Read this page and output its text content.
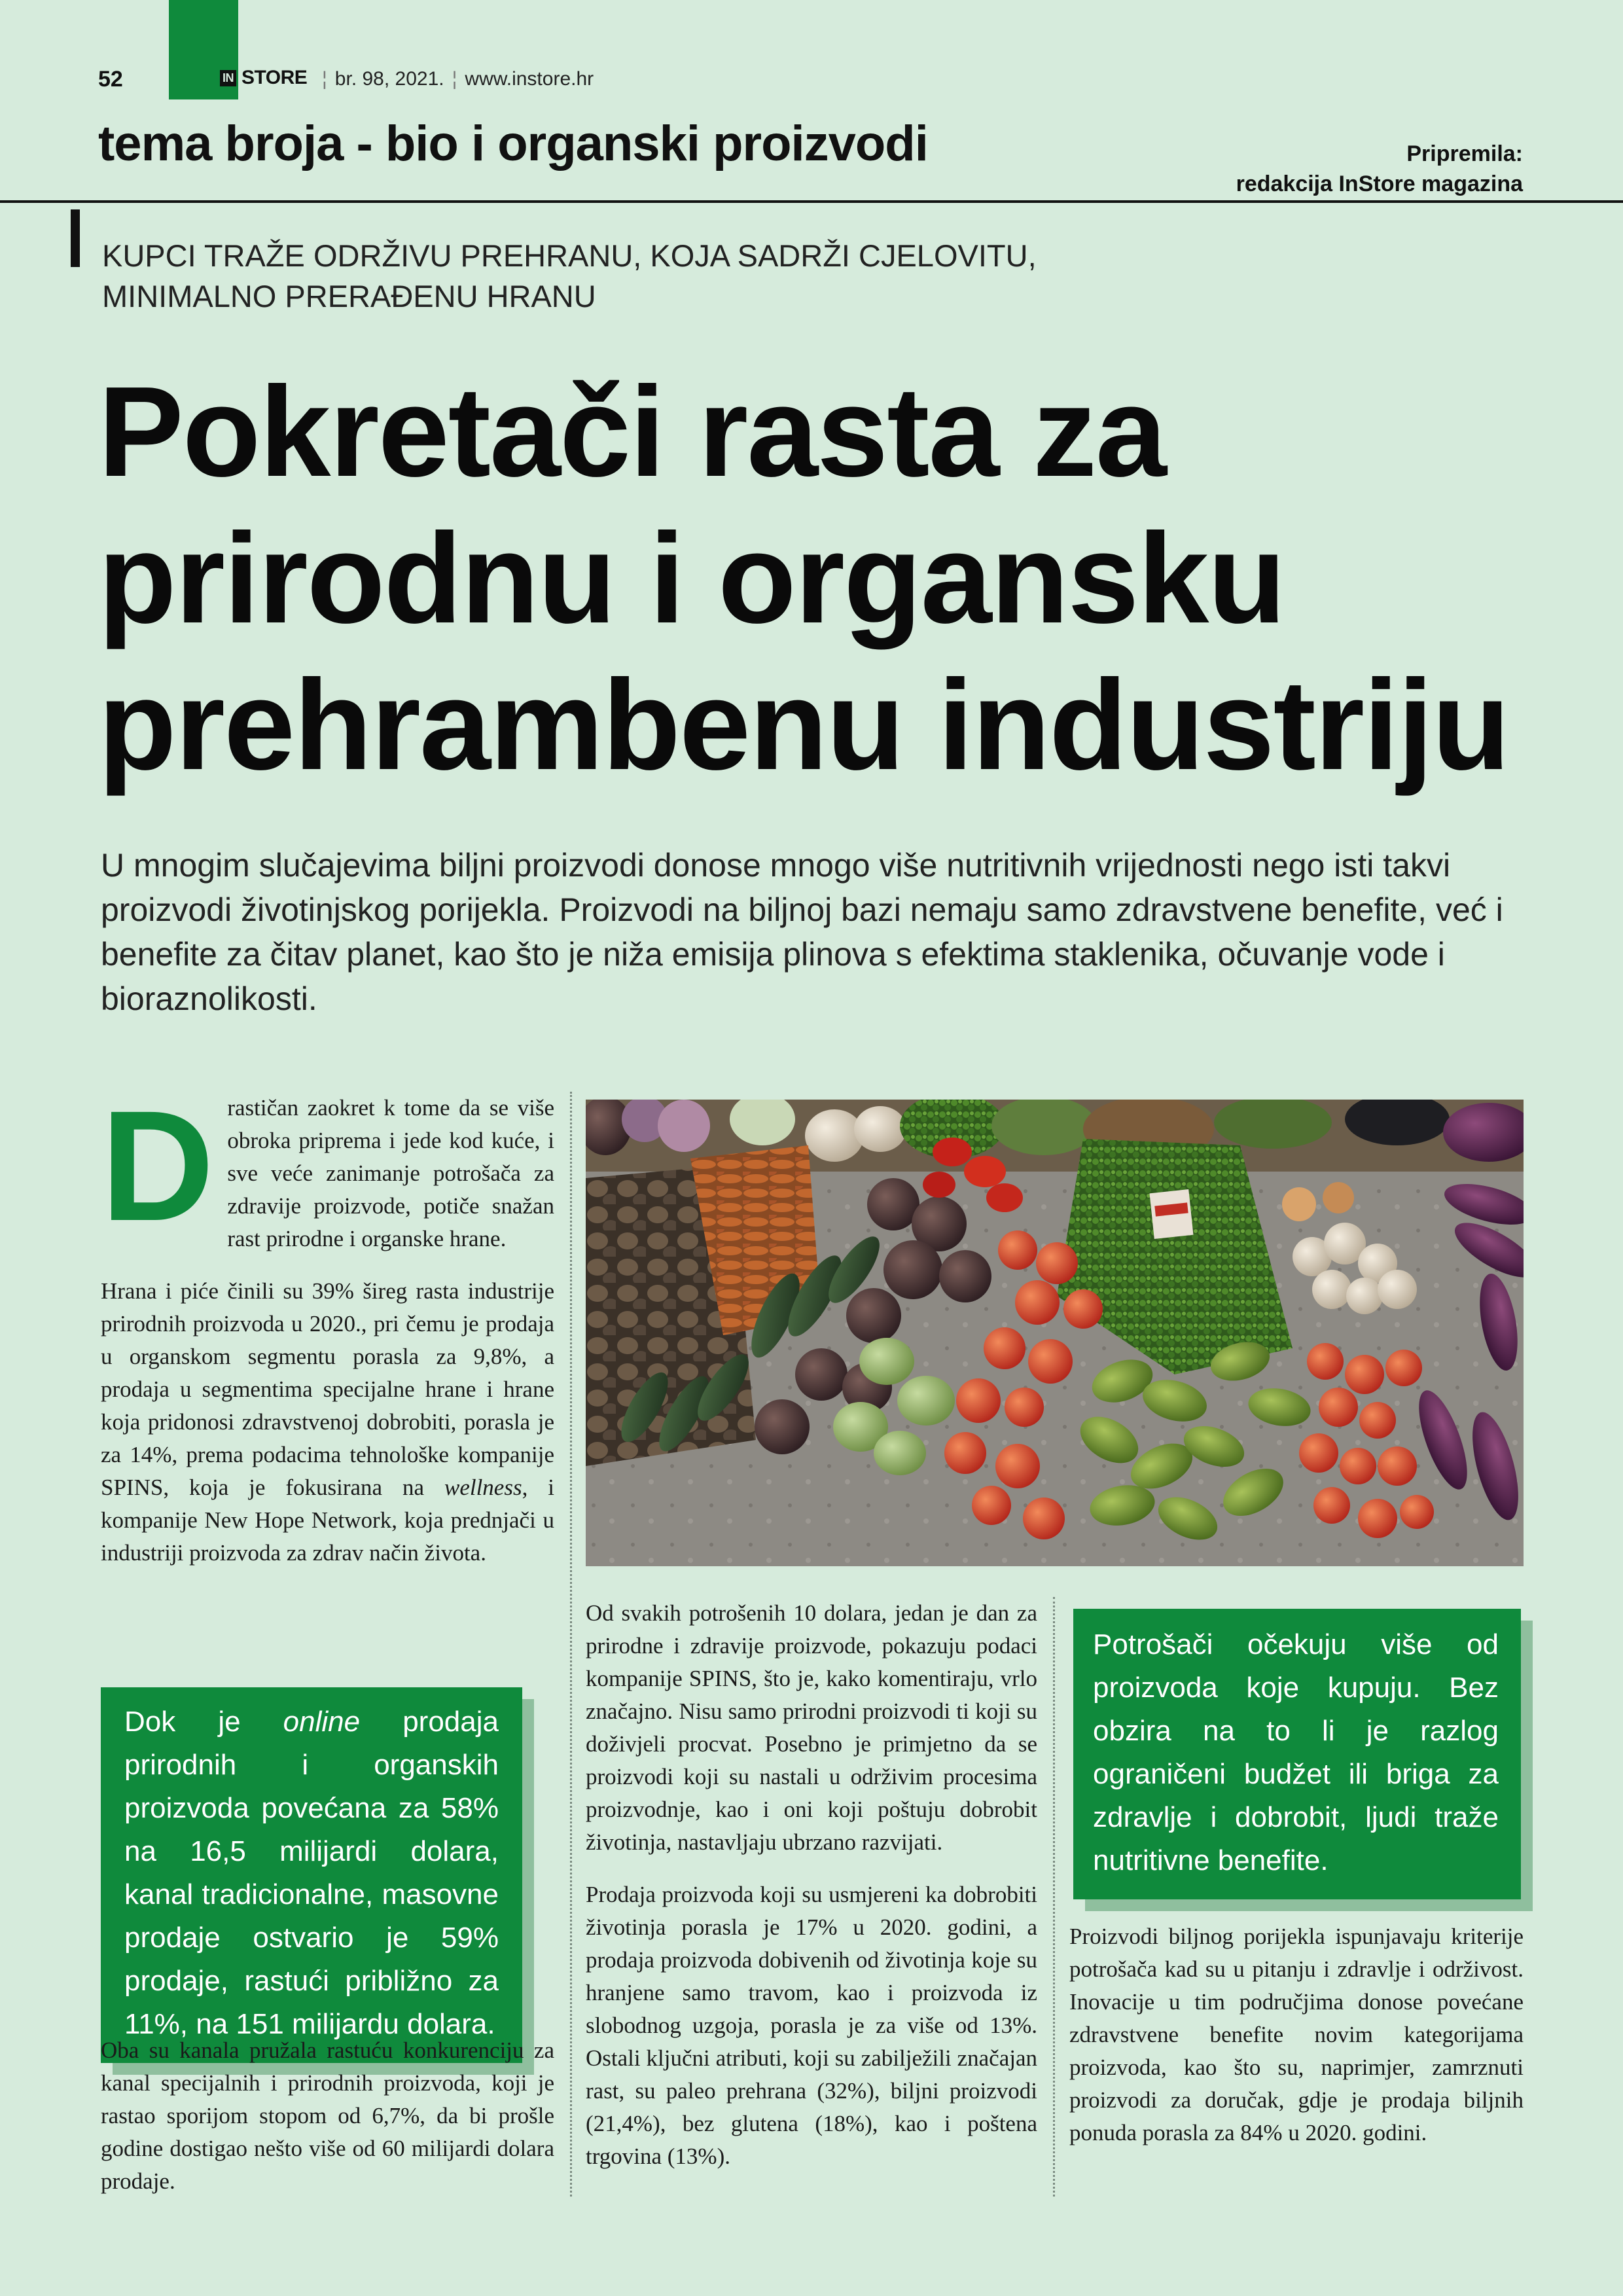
52	IN STORE ¦ br. 98, 2021. ¦ www.instore.hr
tema broja - bio i organski proizvodi	Pripremila:
redakcija InStore magazina
KUPCI TRAŽE ODRŽIVU PREHRANU, KOJA SADRŽI CJELOVITU,
MINIMALNO PRERAĐENU HRANU
Pokretači rasta za
prirodnu i organsku
prehrambenu industriju
U mnogim slučajevima biljni proizvodi donose mnogo više nutritivnih vrijednosti nego isti takvi proizvodi životinjskog porijekla. Proizvodi na biljnoj bazi nemaju samo zdravstvene benefite, već i benefite za čitav planet, kao što je niža emisija plinova s efektima staklenika, očuvanje vode i bioraznolikosti.

Drastičan zaokret k tome da se više obroka priprema i jede kod kuće, i sve veće zanimanje potrošača za zdravije proizvode, potiče snažan rast prirodne i organske hrane.

Hrana i piće činili su 39% šireg rasta industrije prirodnih proizvoda u 2020., pri čemu je prodaja u organskom segmentu porasla za 9,8%, a prodaja u segmentima specijalne hrane i hrane koja pridonosi zdravstvenoj dobrobiti, porasla je za 14%, prema podacima tehnološke kompanije SPINS, koja je fokusirana na wellness, i kompanije New Hope Network, koja prednjači u industriji proizvoda za zdrav način života.

Dok je online prodaja prirodnih i organskih proizvoda povećana za 58% na 16,5 milijardi dolara, kanal tradicionalne, masovne prodaje ostvario je 59% prodaje, rastući približno za 11%, na 151 milijardu dolara.

Oba su kanala pružala rastuću konkurenciju za kanal specijalnih i prirodnih proizvoda, koji je rastao sporijom stopom od 6,7%, da bi prošle godine dostigao nešto više od 60 milijardi dolara prodaje.

Od svakih potrošenih 10 dolara, jedan je dan za prirodne i zdravije proizvode, pokazuju podaci kompanije SPINS, što je, kako komentiraju, vrlo značajno. Nisu samo prirodni proizvodi ti koji su doživjeli procvat. Posebno je primjetno da se proizvodi koji su nastali u održivim procesima proizvodnje, kao i oni koji poštuju dobrobit životinja, nastavljaju ubrzano razvijati.

Prodaja proizvoda koji su usmjereni ka dobrobiti životinja porasla je 17% u 2020. godini, a prodaja proizvoda dobivenih od životinja koje su hranjene samo travom, kao i proizvoda iz slobodnog uzgoja, porasla je za više od 13%. Ostali ključni atributi, koji su zabilježili značajan rast, su paleo prehrana (32%), biljni proizvodi (21,4%), bez glutena (18%), kao i poštena trgovina (13%).

Potrošači očekuju više od proizvoda koje kupuju. Bez obzira na to li je razlog ograničeni budžet ili briga za zdravlje i dobrobit, ljudi traže nutritivne benefite.

Proizvodi biljnog porijekla ispunjavaju kriterije potrošača kad su u pitanju i zdravlje i održivost. Inovacije u tim područjima donose povećane zdravstvene benefite novim kategorijama proizvoda, kao što su, naprimjer, zamrznuti proizvodi za doručak, gdje je prodaja biljnih ponuda porasla za 84% u 2020. godini.
